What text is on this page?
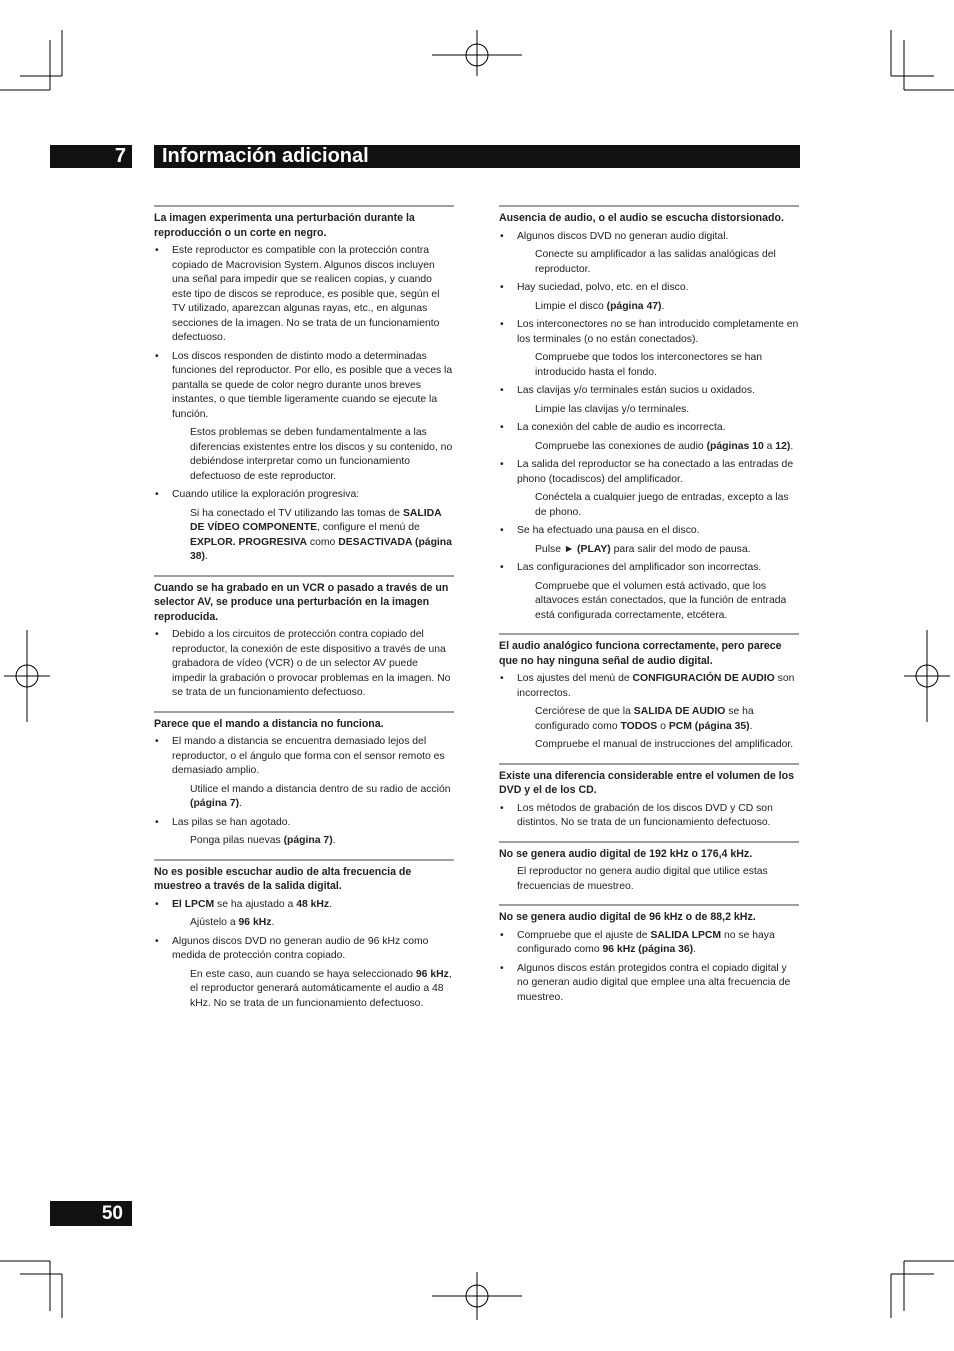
7	Información adicional
La imagen experimenta una perturbación durante la reproducción o un corte en negro.
• Este reproductor es compatible con la protección contra copiado de Macrovision System. Algunos discos incluyen una señal para impedir que se realicen copias, y cuando este tipo de discos se reproduce, es posible que, según el TV utilizado, aparezcan algunas rayas, etc., en algunas secciones de la imagen. No se trata de un funcionamiento defectuoso.
• Los discos responden de distinto modo a determinadas funciones del reproductor. Por ello, es posible que a veces la pantalla se quede de color negro durante unos breves instantes, o que tiemble ligeramente cuando se ejecute la función.
Estos problemas se deben fundamentalmente a las diferencias existentes entre los discos y su contenido, no debiéndose interpretar como un funcionamiento defectuoso de este reproductor.
• Cuando utilice la exploración progresiva:
Si ha conectado el TV utilizando las tomas de SALIDA DE VÍDEO COMPONENTE, configure el menú de EXPLOR. PROGRESIVA como DESACTIVADA (página 38).
Cuando se ha grabado en un VCR o pasado a través de un selector AV, se produce una perturbación en la imagen reproducida.
• Debido a los circuitos de protección contra copiado del reproductor, la conexión de este dispositivo a través de una grabadora de vídeo (VCR) o de un selector AV puede impedir la grabación o provocar problemas en la imagen. No se trata de un funcionamiento defectuoso.
Parece que el mando a distancia no funciona.
• El mando a distancia se encuentra demasiado lejos del reproductor, o el ángulo que forma con el sensor remoto es demasiado amplio.
Utilice el mando a distancia dentro de su radio de acción (página 7).
• Las pilas se han agotado.
Ponga pilas nuevas (página 7).
No es posible escuchar audio de alta frecuencia de muestreo a través de la salida digital.
• El LPCM se ha ajustado a 48 kHz.
Ajústelo a 96 kHz.
• Algunos discos DVD no generan audio de 96 kHz como medida de protección contra copiado.
En este caso, aun cuando se haya seleccionado 96 kHz, el reproductor generará automáticamente el audio a 48 kHz. No se trata de un funcionamiento defectuoso.
Ausencia de audio, o el audio se escucha distorsionado.
• Algunos discos DVD no generan audio digital.
Conecte su amplificador a las salidas analógicas del reproductor.
• Hay suciedad, polvo, etc. en el disco.
Limpie el disco (página 47).
• Los interconectores no se han introducido completamente en los terminales (o no están conectados).
Compruebe que todos los interconectores se han introducido hasta el fondo.
• Las clavijas y/o terminales están sucios u oxidados.
Limpie las clavijas y/o terminales.
• La conexión del cable de audio es incorrecta.
Compruebe las conexiones de audio (páginas 10 a 12).
• La salida del reproductor se ha conectado a las entradas de phono (tocadiscos) del amplificador.
Conéctela a cualquier juego de entradas, excepto a las de phono.
• Se ha efectuado una pausa en el disco.
Pulse ► (PLAY) para salir del modo de pausa.
• Las configuraciones del amplificador son incorrectas.
Compruebe que el volumen está activado, que los altavoces están conectados, que la función de entrada está configurada correctamente, etcétera.
El audio analógico funciona correctamente, pero parece que no hay ninguna señal de audio digital.
• Los ajustes del menú de CONFIGURACIÓN DE AUDIO son incorrectos.
Cerciórese de que la SALIDA DE AUDIO se ha configurado como TODOS o PCM (página 35).
Compruebe el manual de instrucciones del amplificador.
Existe una diferencia considerable entre el volumen de los DVD y el de los CD.
• Los métodos de grabación de los discos DVD y CD son distintos. No se trata de un funcionamiento defectuoso.
No se genera audio digital de 192 kHz o 176,4 kHz.
El reproductor no genera audio digital que utilice estas frecuencias de muestreo.
No se genera audio digital de 96 kHz o de 88,2 kHz.
• Compruebe que el ajuste de SALIDA LPCM no se haya configurado como 96 kHz (página 36).
• Algunos discos están protegidos contra el copiado digital y no generan audio digital que emplee una alta frecuencia de muestreo.
50
